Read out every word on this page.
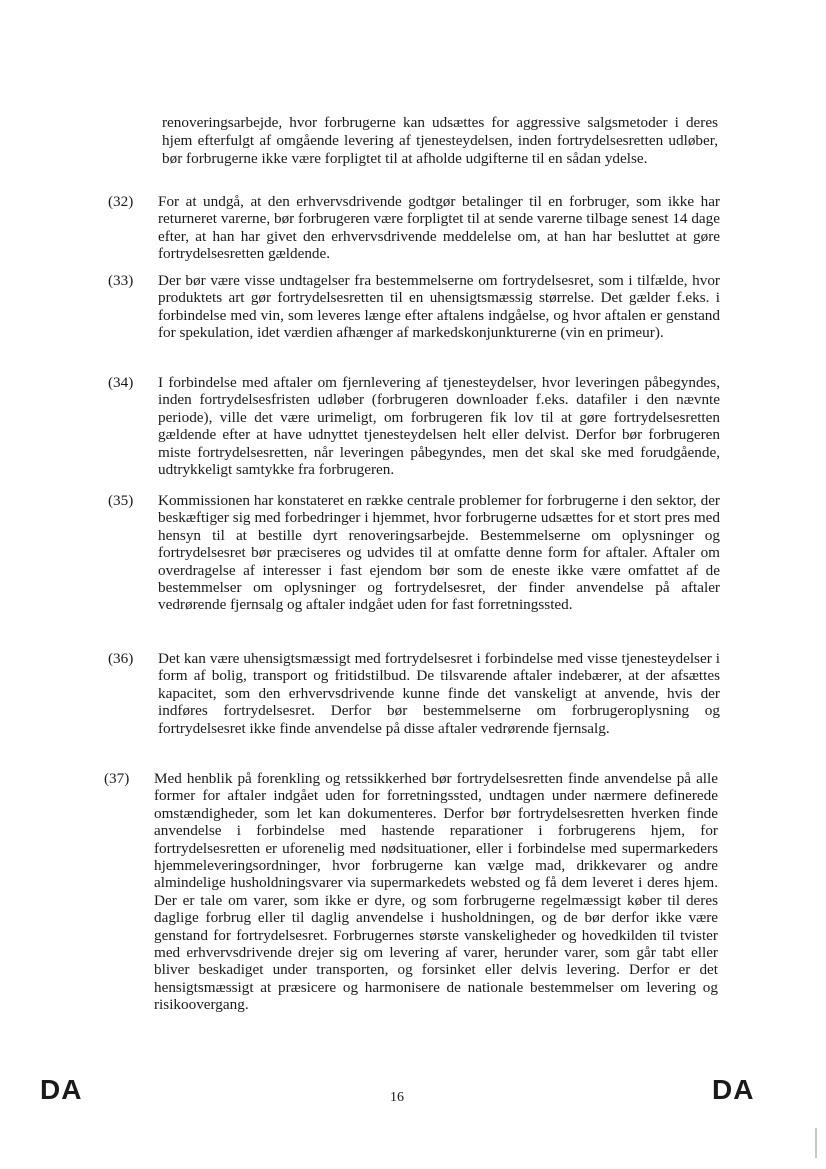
renoveringsarbejde, hvor forbrugerne kan udsættes for aggressive salgsmetoder i deres hjem efterfulgt af omgående levering af tjenesteydelsen, inden fortrydelsesretten udløber, bør forbrugerne ikke være forpligtet til at afholde udgifterne til en sådan ydelse.
(32)	For at undgå, at den erhvervsdrivende godtgør betalinger til en forbruger, som ikke har returneret varerne, bør forbrugeren være forpligtet til at sende varerne tilbage senest 14 dage efter, at han har givet den erhvervsdrivende meddelelse om, at han har besluttet at gøre fortrydelsesretten gældende.
(33)	Der bør være visse undtagelser fra bestemmelserne om fortrydelsesret, som i tilfælde, hvor produktets art gør fortrydelsesretten til en uhensigtsmæssig størrelse. Det gælder f.eks. i forbindelse med vin, som leveres længe efter aftalens indgåelse, og hvor aftalen er genstand for spekulation, idet værdien afhænger af markedskonjunkturerne (vin en primeur).
(34)	I forbindelse med aftaler om fjernlevering af tjenesteydelser, hvor leveringen påbegyndes, inden fortrydelsesfristen udløber (forbrugeren downloader f.eks. datafiler i den nævnte periode), ville det være urimeligt, om forbrugeren fik lov til at gøre fortrydelsesretten gældende efter at have udnyttet tjenesteydelsen helt eller delvist. Derfor bør forbrugeren miste fortrydelsesretten, når leveringen påbegyndes, men det skal ske med forudgående, udtrykkeligt samtykke fra forbrugeren.
(35)	Kommissionen har konstateret en række centrale problemer for forbrugerne i den sektor, der beskæftiger sig med forbedringer i hjemmet, hvor forbrugerne udsættes for et stort pres med hensyn til at bestille dyrt renoveringsarbejde. Bestemmelserne om oplysninger og fortrydelsesret bør præciseres og udvides til at omfatte denne form for aftaler. Aftaler om overdragelse af interesser i fast ejendom bør som de eneste ikke være omfattet af de bestemmelser om oplysninger og fortrydelsesret, der finder anvendelse på aftaler vedrørende fjernsalg og aftaler indgået uden for fast forretningssted.
(36)	Det kan være uhensigtsmæssigt med fortrydelsesret i forbindelse med visse tjenesteydelser i form af bolig, transport og fritidstilbud. De tilsvarende aftaler indebærer, at der afsættes kapacitet, som den erhvervsdrivende kunne finde det vanskeligt at anvende, hvis der indføres fortrydelsesret. Derfor bør bestemmelserne om forbrugeroplysning og fortrydelsesret ikke finde anvendelse på disse aftaler vedrørende fjernsalg.
(37)	Med henblik på forenkling og retssikkerhed bør fortrydelsesretten finde anvendelse på alle former for aftaler indgået uden for forretningssted, undtagen under nærmere definerede omstændigheder, som let kan dokumenteres. Derfor bør fortrydelsesretten hverken finde anvendelse i forbindelse med hastende reparationer i forbrugerens hjem, for fortrydelsesretten er uforenelig med nødsituationer, eller i forbindelse med supermarkeders hjemmeleveringsordninger, hvor forbrugerne kan vælge mad, drikkevarer og andre almindelige husholdningsvarer via supermarkedets websted og få dem leveret i deres hjem. Der er tale om varer, som ikke er dyre, og som forbrugerne regelmæssigt køber til deres daglige forbrug eller til daglig anvendelse i husholdningen, og de bør derfor ikke være genstand for fortrydelsesret. Forbrugernes største vanskeligheder og hovedkilden til tvister med erhvervsdrivende drejer sig om levering af varer, herunder varer, som går tabt eller bliver beskadiget under transporten, og forsinket eller delvis levering. Derfor er det hensigtsmæssigt at præsicere og harmonisere de nationale bestemmelser om levering og risikoovergang.
DA	16	DA
